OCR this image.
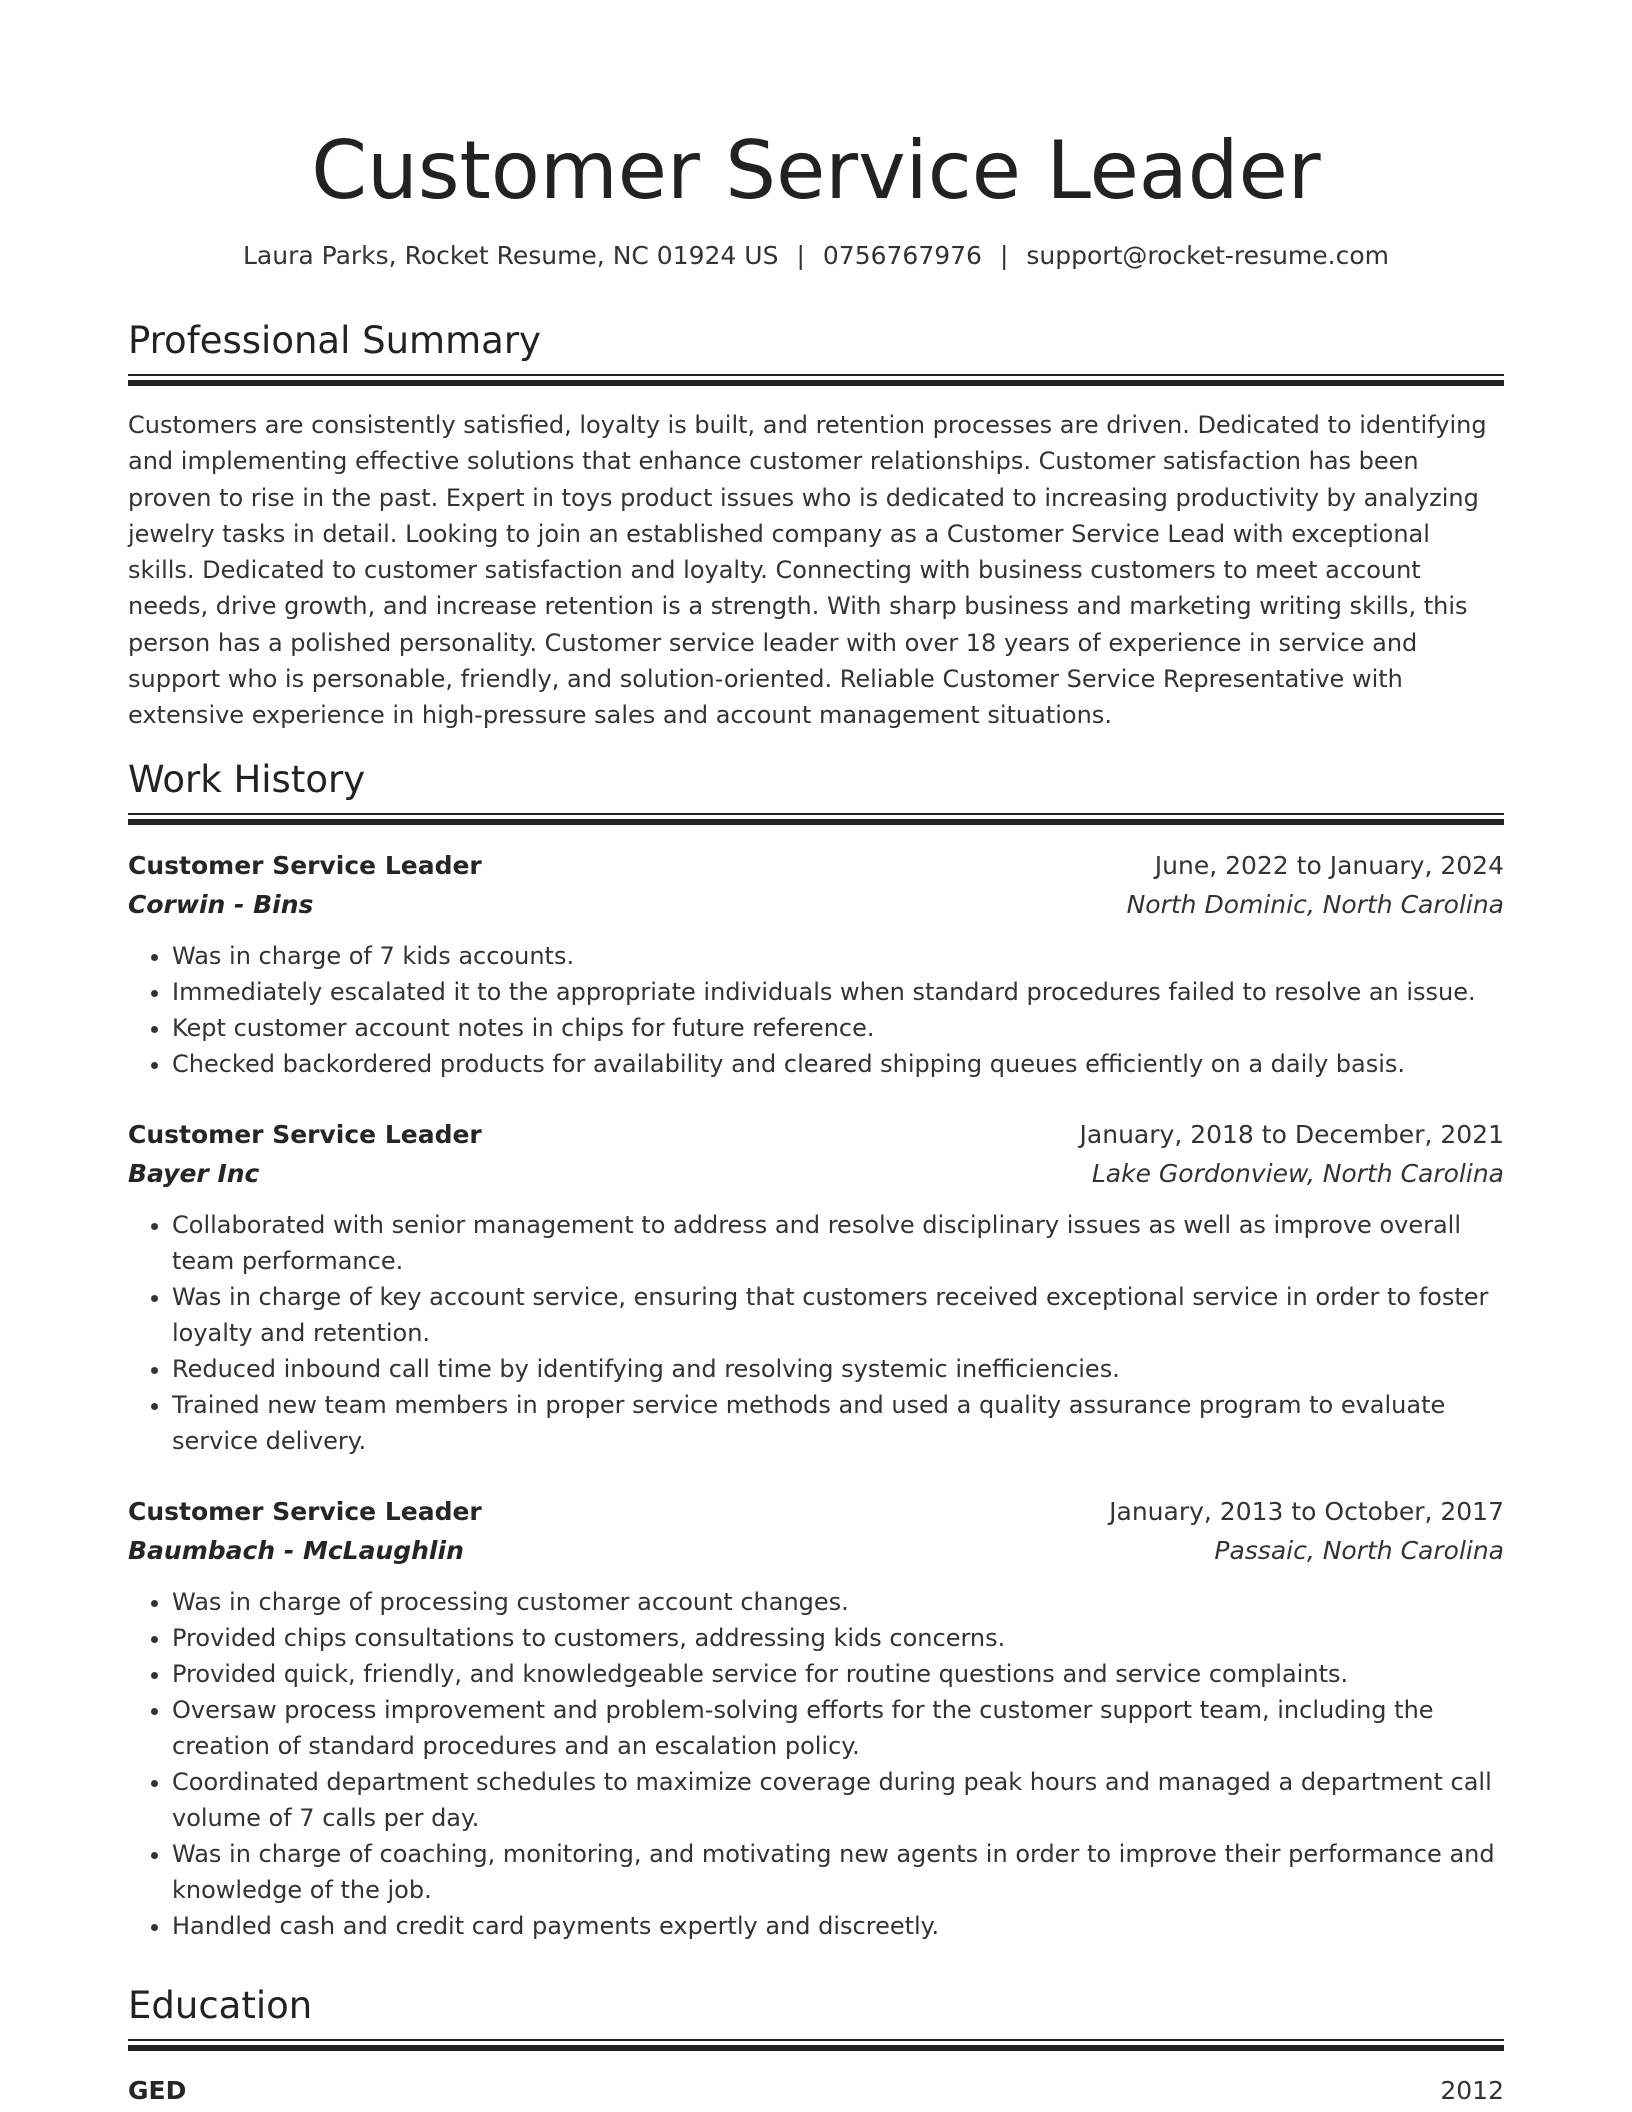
Customer Service Leader
Laura Parks, Rocket Resume, NC 01924 US | 0756767976 | support@rocket-resume.com
Professional Summary

Customers are consistently satisfied, loyalty is built, and retention processes are driven. Dedicated to identifying and implementing effective solutions that enhance customer relationships. Customer satisfaction has been proven to rise in the past. Expert in toys product issues who is dedicated to increasing productivity by analyzing jewelry tasks in detail. Looking to join an established company as a Customer Service Lead with exceptional skills. Dedicated to customer satisfaction and loyalty. Connecting with business customers to meet account needs, drive growth, and increase retention is a strength. With sharp business and marketing writing skills, this person has a polished personality. Customer service leader with over 18 years of experience in service and support who is personable, friendly, and solution-oriented. Reliable Customer Service Representative with extensive experience in high-pressure sales and account management situations.

Work History
Customer Service Leader	June, 2022 to January, 2024
Corwin - Bins	North Dominic, North Carolina
• Was in charge of 7 kids accounts.
• Immediately escalated it to the appropriate individuals when standard procedures failed to resolve an issue.
• Kept customer account notes in chips for future reference.
• Checked backordered products for availability and cleared shipping queues efficiently on a daily basis.
Customer Service Leader	January, 2018 to December, 2021
Bayer Inc	Lake Gordonview, North Carolina
• Collaborated with senior management to address and resolve disciplinary issues as well as improve overall team performance.
• Was in charge of key account service, ensuring that customers received exceptional service in order to foster loyalty and retention.
• Reduced inbound call time by identifying and resolving systemic inefficiencies.
• Trained new team members in proper service methods and used a quality assurance program to evaluate service delivery.
Customer Service Leader	January, 2013 to October, 2017
Baumbach - McLaughlin	Passaic, North Carolina
• Was in charge of processing customer account changes.
• Provided chips consultations to customers, addressing kids concerns.
• Provided quick, friendly, and knowledgeable service for routine questions and service complaints.
• Oversaw process improvement and problem-solving efforts for the customer support team, including the creation of standard procedures and an escalation policy.
• Coordinated department schedules to maximize coverage during peak hours and managed a department call volume of 7 calls per day.
• Was in charge of coaching, monitoring, and motivating new agents in order to improve their performance and knowledge of the job.
• Handled cash and credit card payments expertly and discreetly.
Education
GED	2012
